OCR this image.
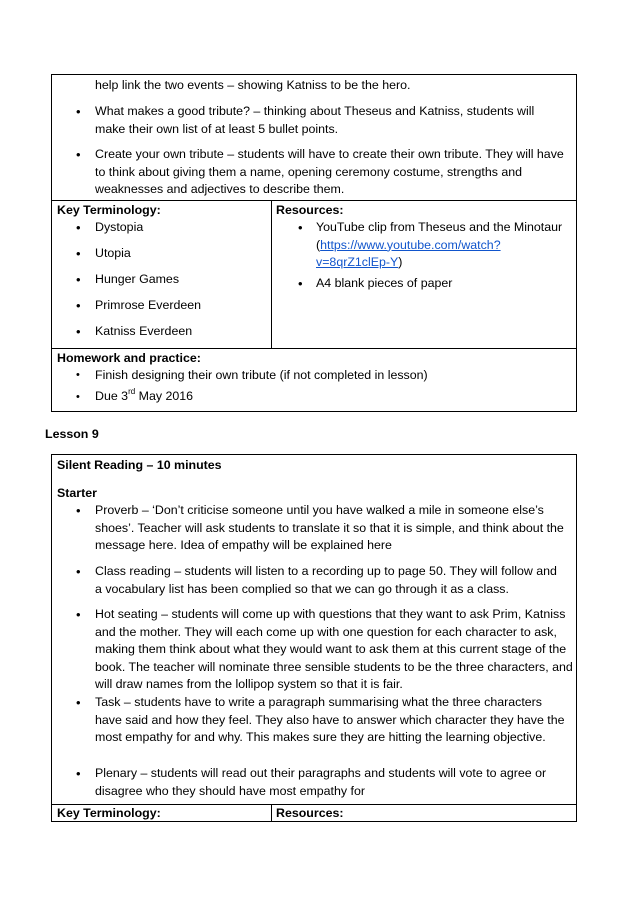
help link the two events – showing Katniss to be the hero.
• What makes a good tribute? – thinking about Theseus and Katniss, students will make their own list of at least 5 bullet points.
• Create your own tribute – students will have to create their own tribute. They will have to think about giving them a name, opening ceremony costume, strengths and weaknesses and adjectives to describe them.
Key Terminology:
• Dystopia
• Utopia
• Hunger Games
• Primrose Everdeen
• Katniss Everdeen
Resources:
• YouTube clip from Theseus and the Minotaur (https://www.youtube.com/watch?v=8qrZ1clEp-Y)
• A4 blank pieces of paper
Homework and practice:
• Finish designing their own tribute (if not completed in lesson)
• Due 3rd May 2016
Lesson 9
Silent Reading – 10 minutes
Starter
• Proverb – ‘Don’t criticise someone until you have walked a mile in someone else’s shoes’. Teacher will ask students to translate it so that it is simple, and think about the message here. Idea of empathy will be explained here
• Class reading – students will listen to a recording up to page 50. They will follow and a vocabulary list has been complied so that we can go through it as a class.
• Hot seating – students will come up with questions that they want to ask Prim, Katniss and the mother. They will each come up with one question for each character to ask, making them think about what they would want to ask them at this current stage of the book. The teacher will nominate three sensible students to be the three characters, and will draw names from the lollipop system so that it is fair.
• Task – students have to write a paragraph summarising what the three characters have said and how they feel. They also have to answer which character they have the most empathy for and why. This makes sure they are hitting the learning objective.
• Plenary – students will read out their paragraphs and students will vote to agree or disagree who they should have most empathy for
Key Terminology:	Resources:
